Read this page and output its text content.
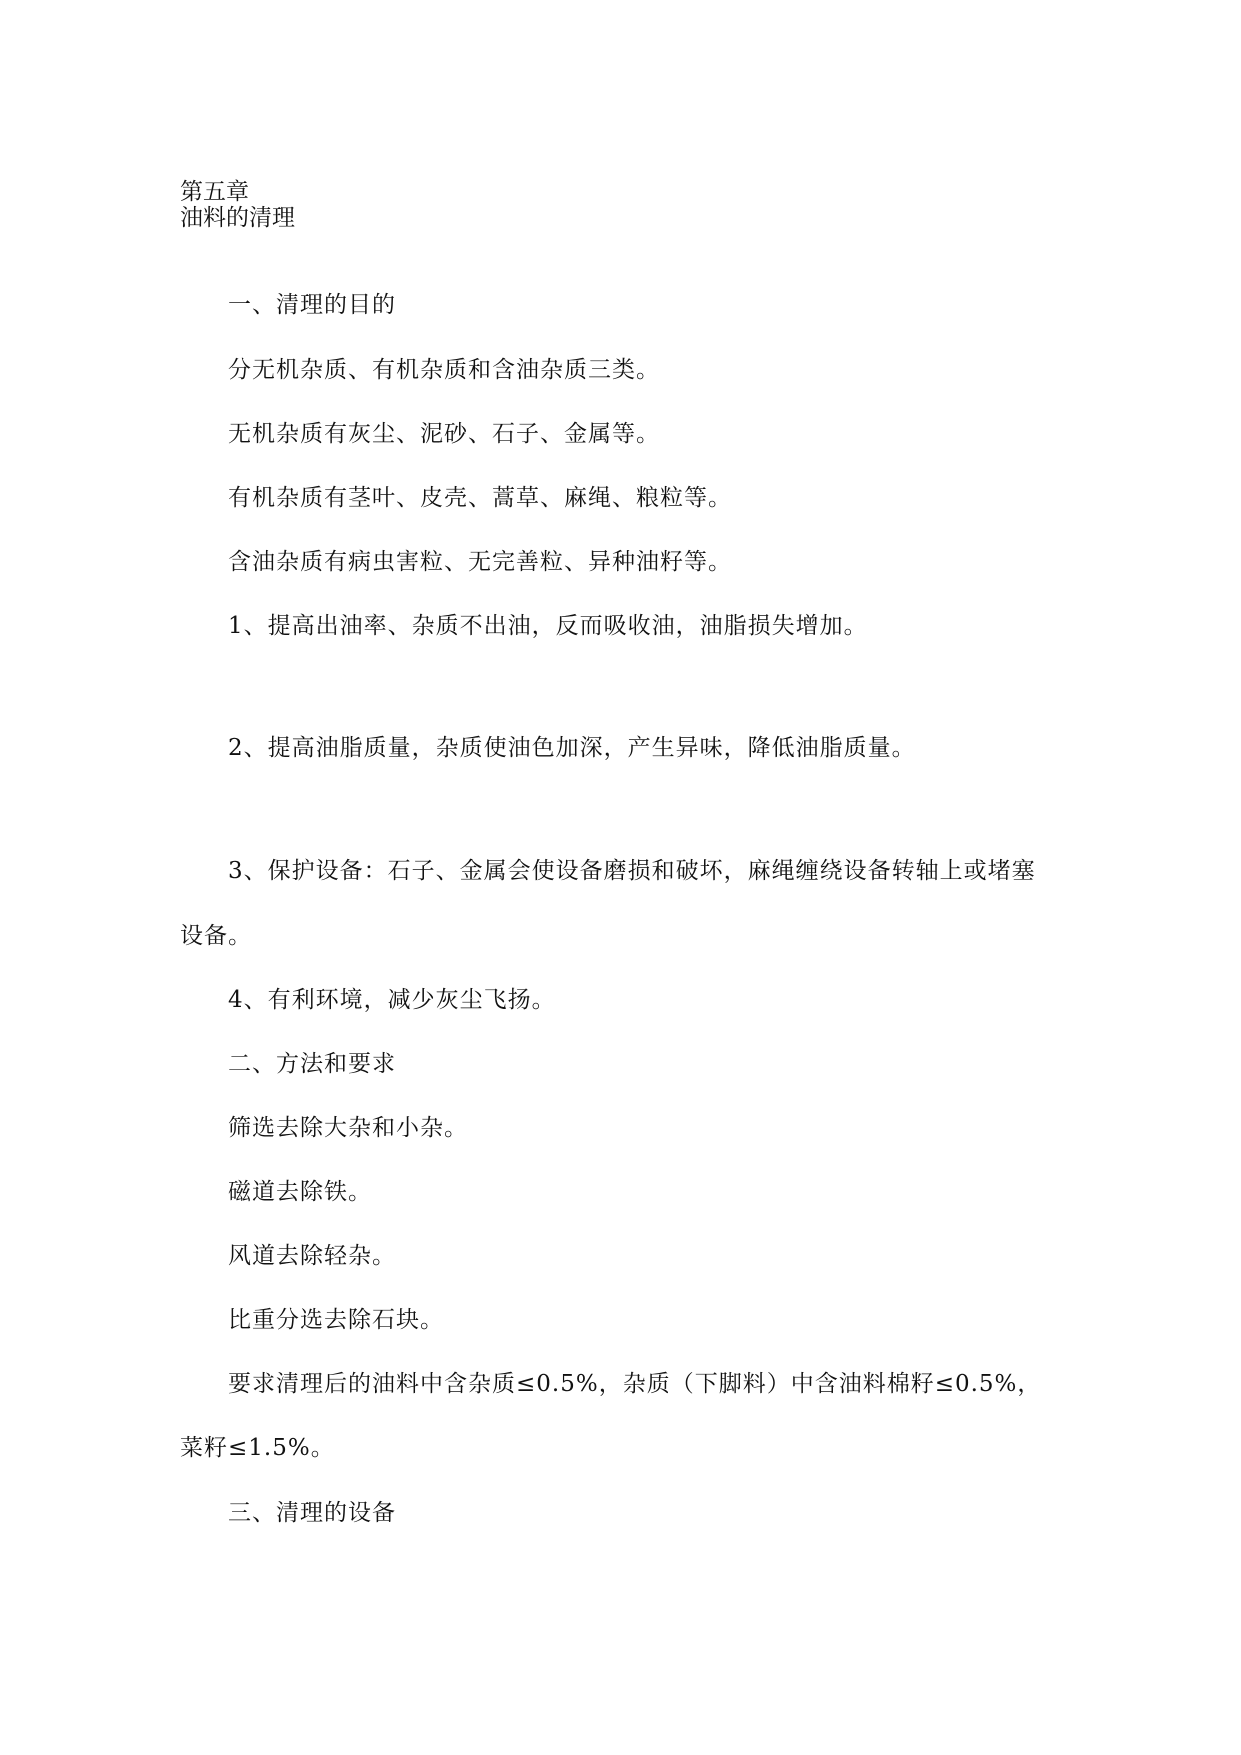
第五章
油料的清理
一、清理的目的
分无机杂质、有机杂质和含油杂质三类。
无机杂质有灰尘、泥砂、石子、金属等。
有机杂质有茎叶、皮壳、蒿草、麻绳、粮粒等。
含油杂质有病虫害粒、无完善粒、异种油籽等。
1、提高出油率、杂质不出油，反而吸收油，油脂损失增加。
2、提高油脂质量，杂质使油色加深，产生异味，降低油脂质量。
3、保护设备：石子、金属会使设备磨损和破坏，麻绳缠绕设备转轴上或堵塞
设备。
4、有利环境，减少灰尘飞扬。
二、方法和要求
筛选去除大杂和小杂。
磁道去除铁。
风道去除轻杂。
比重分选去除石块。
要求清理后的油料中含杂质≤0.5%，杂质（下脚料）中含油料棉籽≤0.5%，
菜籽≤1.5%。
三、清理的设备
